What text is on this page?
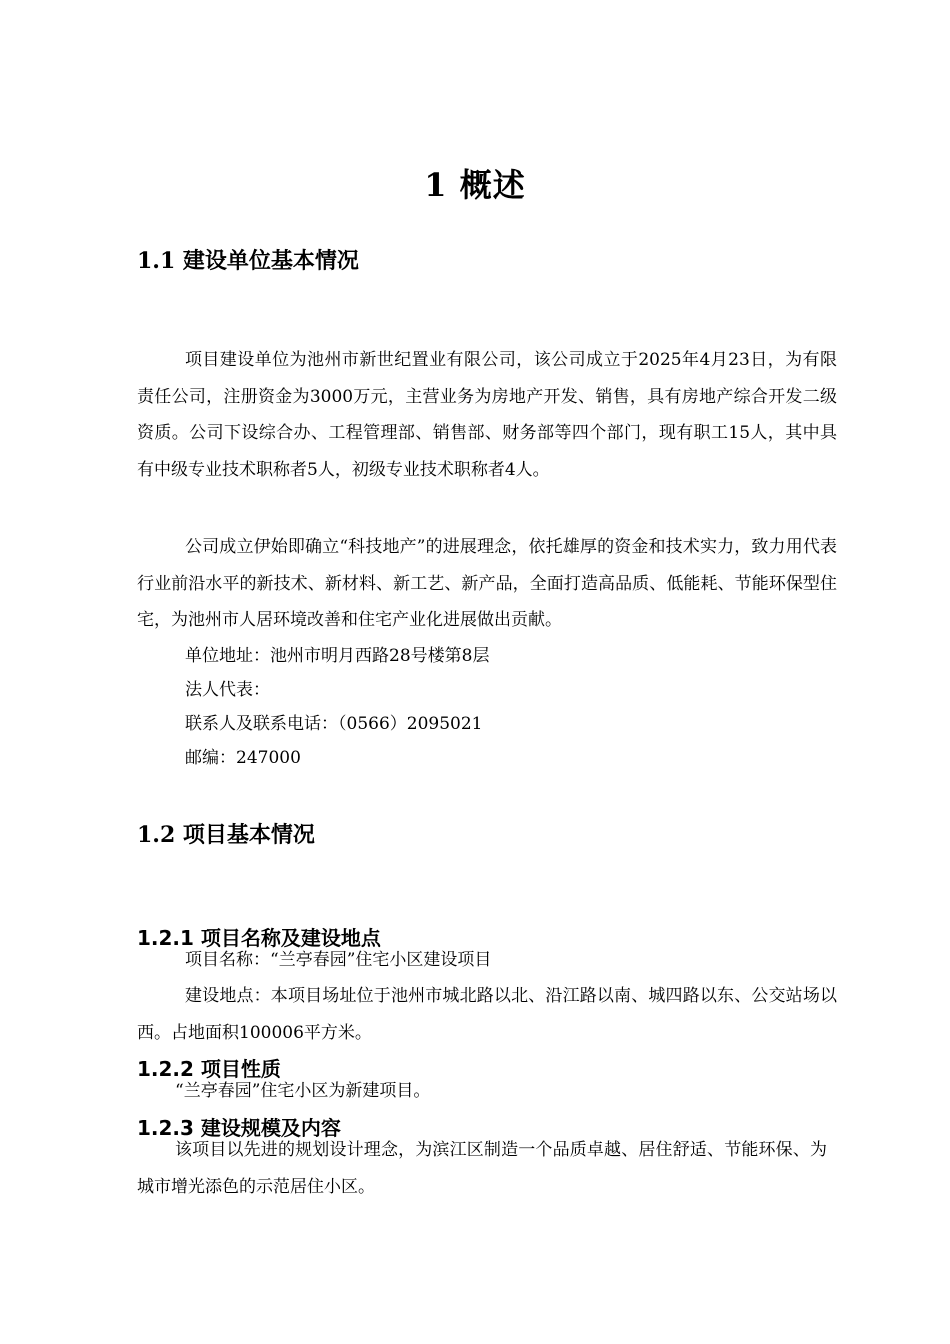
1 概述
1.1 建设单位基本情况
项目建设单位为池州市新世纪置业有限公司，该公司成立于2025年4月23日，为有限责任公司，注册资金为3000万元，主营业务为房地产开发、销售，具有房地产综合开发二级资质。公司下设综合办、工程管理部、销售部、财务部等四个部门，现有职工15人，其中具有中级专业技术职称者5人，初级专业技术职称者4人。
公司成立伊始即确立“科技地产”的进展理念，依托雄厚的资金和技术实力，致力用代表行业前沿水平的新技术、新材料、新工艺、新产品，全面打造高品质、低能耗、节能环保型住宅，为池州市人居环境改善和住宅产业化进展做出贡献。
单位地址：池州市明月西路28号楼第8层
法人代表：
联系人及联系电话：（0566）2095021
邮编：247000
1.2 项目基本情况
1.2.1 项目名称及建设地点
项目名称：“兰亭春园”住宅小区建设项目
建设地点：本项目场址位于池州市城北路以北、沿江路以南、城四路以东、公交站场以西。占地面积100006平方米。
1.2.2 项目性质
“兰亭春园”住宅小区为新建项目。
1.2.3 建设规模及内容
该项目以先进的规划设计理念，为滨江区制造一个品质卓越、居住舒适、节能环保、为城市增光添色的示范居住小区。
